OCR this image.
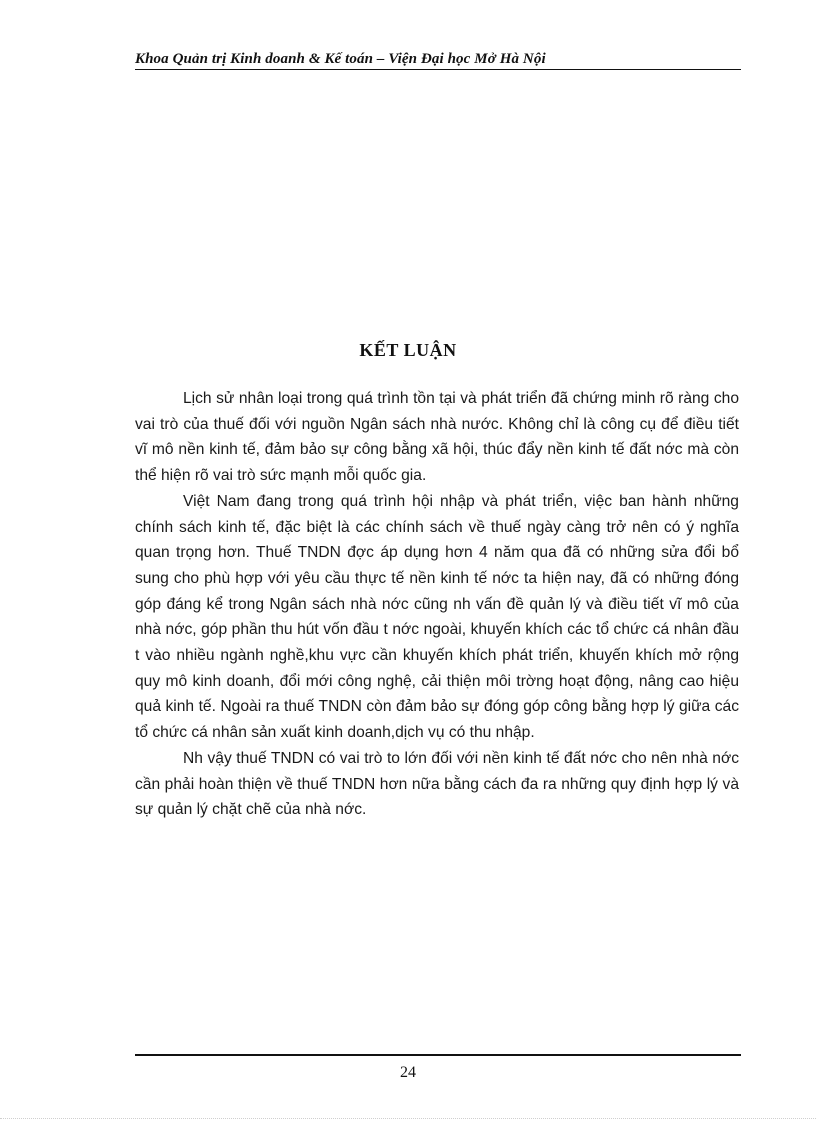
Khoa Quản trị Kinh doanh & Kế toán – Viện Đại học Mở Hà Nội
KẾT LUẬN

Lịch sử nhân loại trong quá trình tồn tại và phát triển đã chứng minh rõ ràng cho vai trò của thuế đối với nguồn Ngân sách nhà nước. Không chỉ là công cụ để điều tiết vĩ mô nền kinh tế, đảm bảo sự công bằng xã hội, thúc đẩy nền kinh tế đất nớc mà còn thể hiện rõ vai trò sức mạnh mỗi quốc gia.

Việt Nam đang trong quá trình hội nhập và phát triển, việc ban hành những chính sách kinh tế, đặc biệt là các chính sách về thuế ngày càng trở nên có ý nghĩa quan trọng hơn. Thuế TNDN đợc áp dụng hơn 4 năm qua đã có những sửa đổi bổ sung cho phù hợp với yêu cầu thực tế nền kinh tế nớc ta hiện nay, đã có những đóng góp đáng kể trong Ngân sách nhà nớc cũng nh vấn đề quản lý và điều tiết vĩ mô của nhà nớc, góp phần thu hút vốn đầu t nớc ngoài, khuyến khích các tổ chức cá nhân đầu t vào nhiều ngành nghề,khu vực cần khuyến khích phát triển, khuyến khích mở rộng quy mô kinh doanh, đổi mới công nghệ, cải thiện môi trờng hoạt động, nâng cao hiệu quả kinh tế. Ngoài ra thuế TNDN còn đảm bảo sự đóng góp công bằng hợp lý giữa các tổ chức cá nhân sản xuất kinh doanh,dịch vụ có thu nhập.

Nh vậy thuế TNDN có vai trò to lớn đối với nền kinh tế đất nớc cho nên nhà nớc cần phải hoàn thiện về thuế TNDN hơn nữa bằng cách đa ra những quy định hợp lý và sự quản lý chặt chẽ của nhà nớc.

24
